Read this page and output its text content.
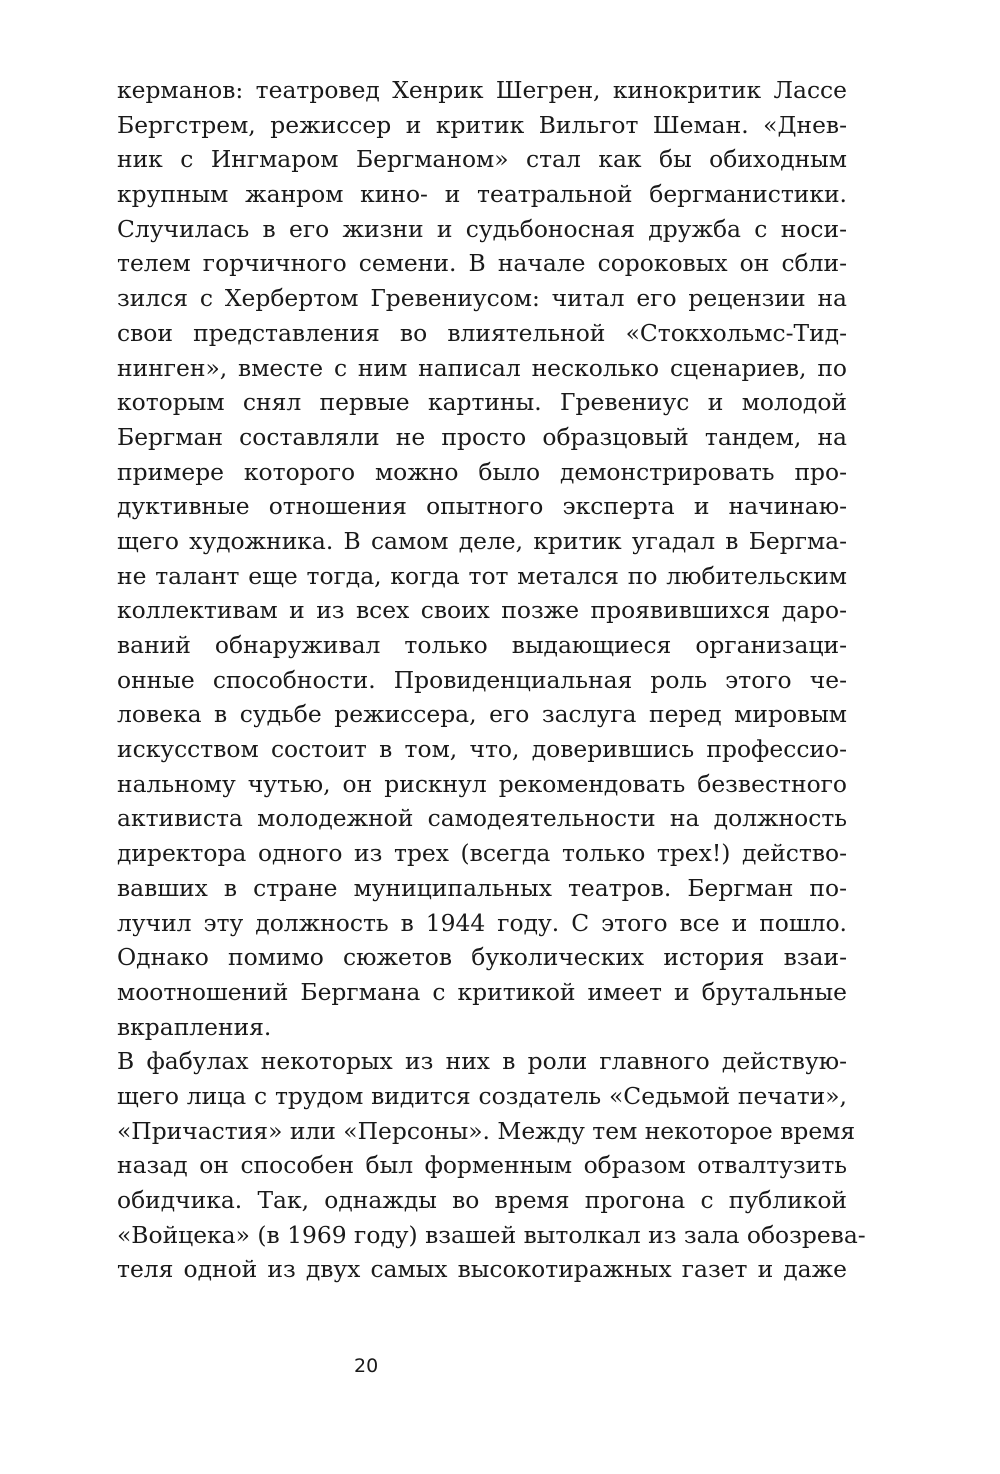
керманов: театровед Хенрик Шегрен, кинокритик Лассе
Бергстрем, режиссер и критик Вильгот Шеман. «Днев-
ник с Ингмаром Бергманом» стал как бы обиходным
крупным жанром кино- и театральной бергманистики.
Случилась в его жизни и судьбоносная дружба с носи-
телем горчичного семени. В начале сороковых он сбли-
зился с Хербертом Гревениусом: читал его рецензии на
свои представления во влиятельной «Стокхольмс-Тид-
нинген», вместе с ним написал несколько сценариев, по
которым снял первые картины. Гревениус и молодой
Бергман составляли не просто образцовый тандем, на
примере которого можно было демонстрировать про-
дуктивные отношения опытного эксперта и начинаю-
щего художника. В самом деле, критик угадал в Бергма-
не талант еще тогда, когда тот метался по любительским
коллективам и из всех своих позже проявившихся даро-
ваний обнаруживал только выдающиеся организаци-
онные способности. Провиденциальная роль этого че-
ловека в судьбе режиссера, его заслуга перед мировым
искусством состоит в том, что, доверившись профессио-
нальному чутью, он рискнул рекомендовать безвестного
активиста молодежной самодеятельности на должность
директора одного из трех (всегда только трех!) действо-
вавших в стране муниципальных театров. Бергман по-
лучил эту должность в 1944 году. С этого все и пошло.
Однако помимо сюжетов буколических история взаи-
моотношений Бергмана с критикой имеет и брутальные
вкрапления.
В фабулах некоторых из них в роли главного действую-
щего лица с трудом видится создатель «Седьмой печати»,
«Причастия» или «Персоны». Между тем некоторое время
назад он способен был форменным образом отвалтузить
обидчика. Так, однажды во время прогона с публикой
«Войцека» (в 1969 году) взашей вытолкал из зала обозрева-
теля одной из двух самых высокотиражных газет и даже
20
